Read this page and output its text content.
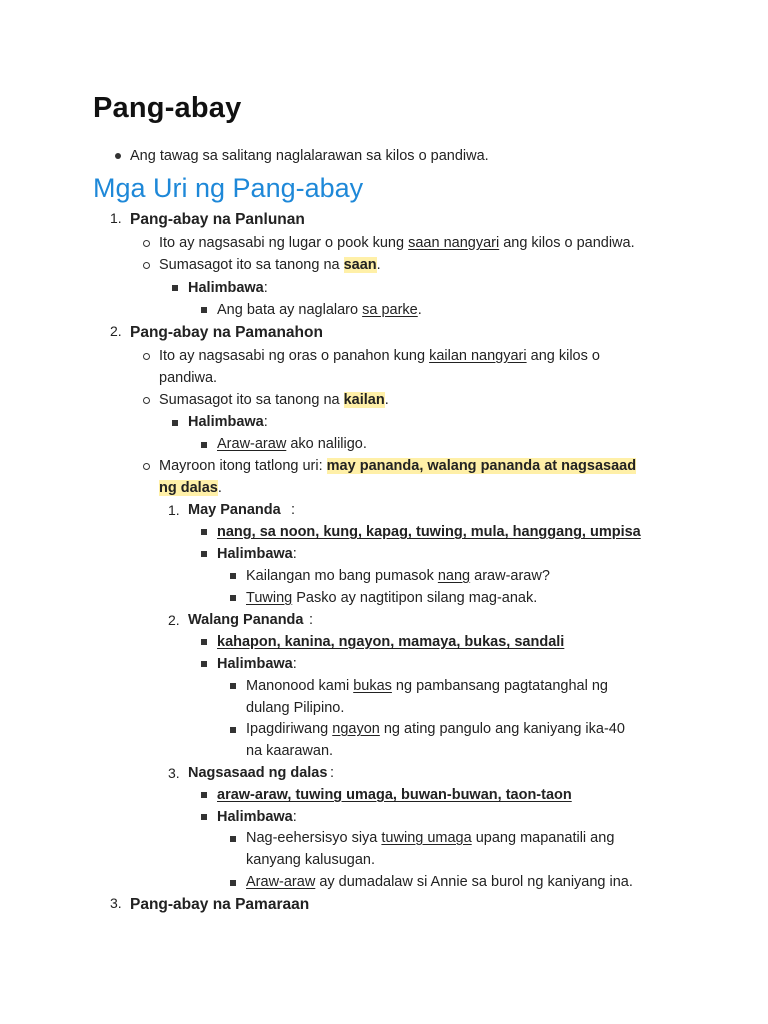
Pang-abay
Ang tawag sa salitang naglalarawan sa kilos o pandiwa.
Mga Uri ng Pang-abay
1. Pang-abay na Panlunan
Ito ay nagsasabi ng lugar o pook kung saan nangyari ang kilos o pandiwa.
Sumasagot ito sa tanong na saan.
Halimbawa:
Ang bata ay naglalaro sa parke.
2. Pang-abay na Pamanahon
Ito ay nagsasabi ng oras o panahon kung kailan nangyari ang kilos o
pandiwa.
Sumasagot ito sa tanong na kailan.
Halimbawa:
Araw-araw ako naliligo.
Mayroon itong tatlong uri: may pananda, walang pananda at nagsasaad
ng dalas.
1. May Pananda :
nang, sa noon, kung, kapag, tuwing, mula, hanggang, umpisa
Halimbawa:
Kailangan mo bang pumasok nang araw-araw?
Tuwing Pasko ay nagtitipon silang mag-anak.
2. Walang Pananda :
kahapon, kanina, ngayon, mamaya, bukas, sandali
Halimbawa:
Manonood kami bukas ng pambansang pagtatanghal ng
dulang Pilipino.
Ipagdiriwang ngayon ng ating pangulo ang kaniyang ika-40
na kaarawan.
3. Nagsasaad ng dalas :
araw-araw, tuwing umaga, buwan-buwan, taon-taon
Halimbawa:
Nag-eehersisyo siya tuwing umaga upang mapanatili ang
kanyang kalusugan.
Araw-araw ay dumadalaw si Annie sa burol ng kaniyang ina.
3. Pang-abay na Pamaraan
